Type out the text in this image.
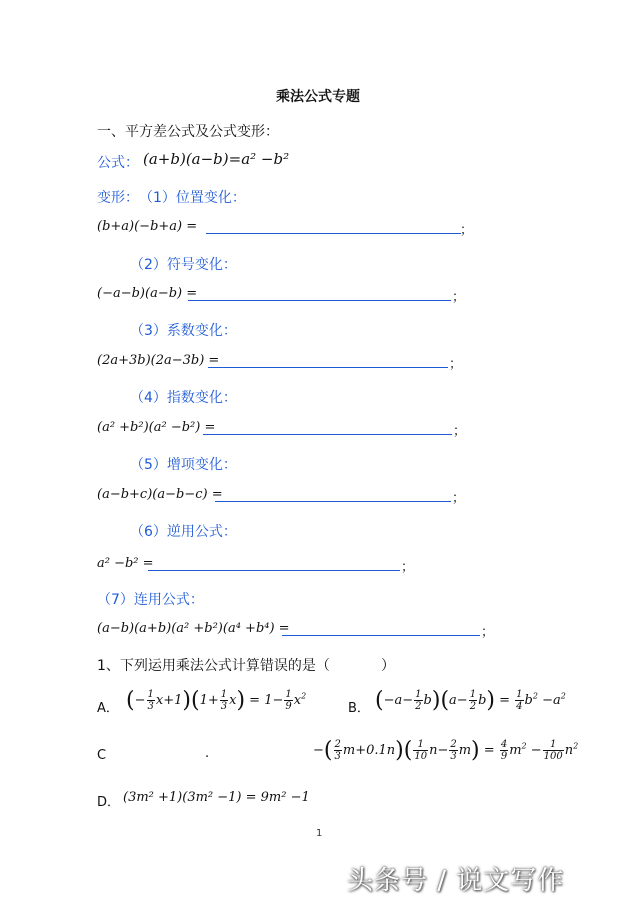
乘法公式专题
一、平方差公式及公式变形：
公式： (a+b)(a−b)=a² −b²
变形： （1）位置变化：
(b+a)(−b+a) =	；
（2）符号变化：
(−a−b)(a−b) =	；
（3）系数变化：
(2a+3b)(2a−3b) =	；
（4）指数变化：
(a² +b²)(a² −b²) =	；
（5）增项变化：
(a−b+c)(a−b−c) =	；
（6）逆用公式：
a² −b² =	；
（7）连用公式：
(a−b)(a+b)(a² +b²)(a⁴ +b⁴) =	；
1、下列运用乘法公式计算错误的是（	）
A． (− $\frac{1}{3} x+1)(1+ \frac{1}{3} x) = 1- \frac{1}{9} x^2$
B． $(-a- \frac{1}{2} b)(a- \frac{1}{2} b) = \frac{1}{4} b^2 -a^2$
C	.	−( $\frac{2}{3} m+0.1n)( \frac{1}{10} n- \frac{2}{3} m) = \frac{4}{9} m^2 - \frac{1}{100} n^2$
D． (3m² +1)(3m² −1) = 9m² −1
1
头条号 / 说文写作
